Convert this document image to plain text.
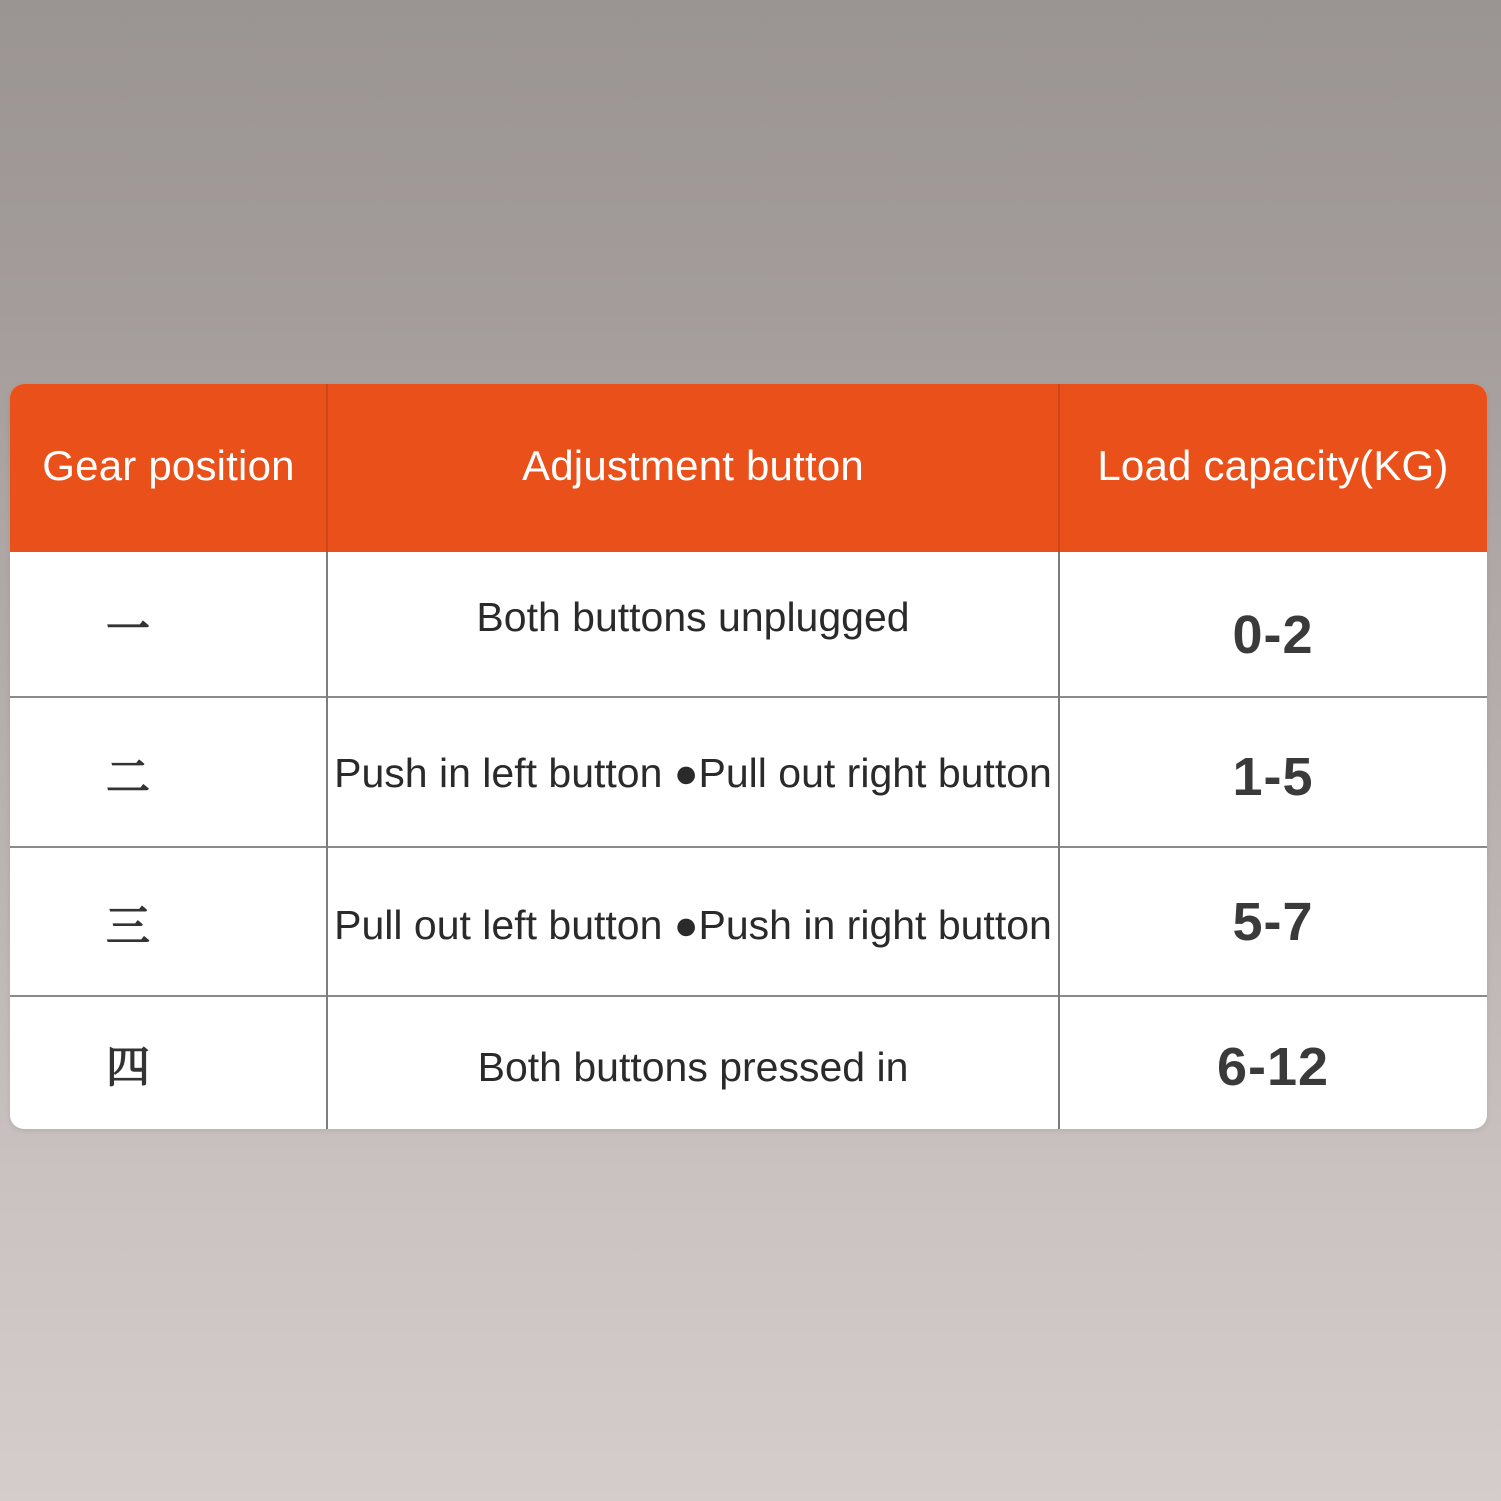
Gear position	Adjustment button	Load capacity(KG)
一	Both buttons unplugged	0-2
二	Push in left button ●Pull out right button	1-5
三	Pull out left button ●Push in right button	5-7
四	Both buttons pressed in	6-12
